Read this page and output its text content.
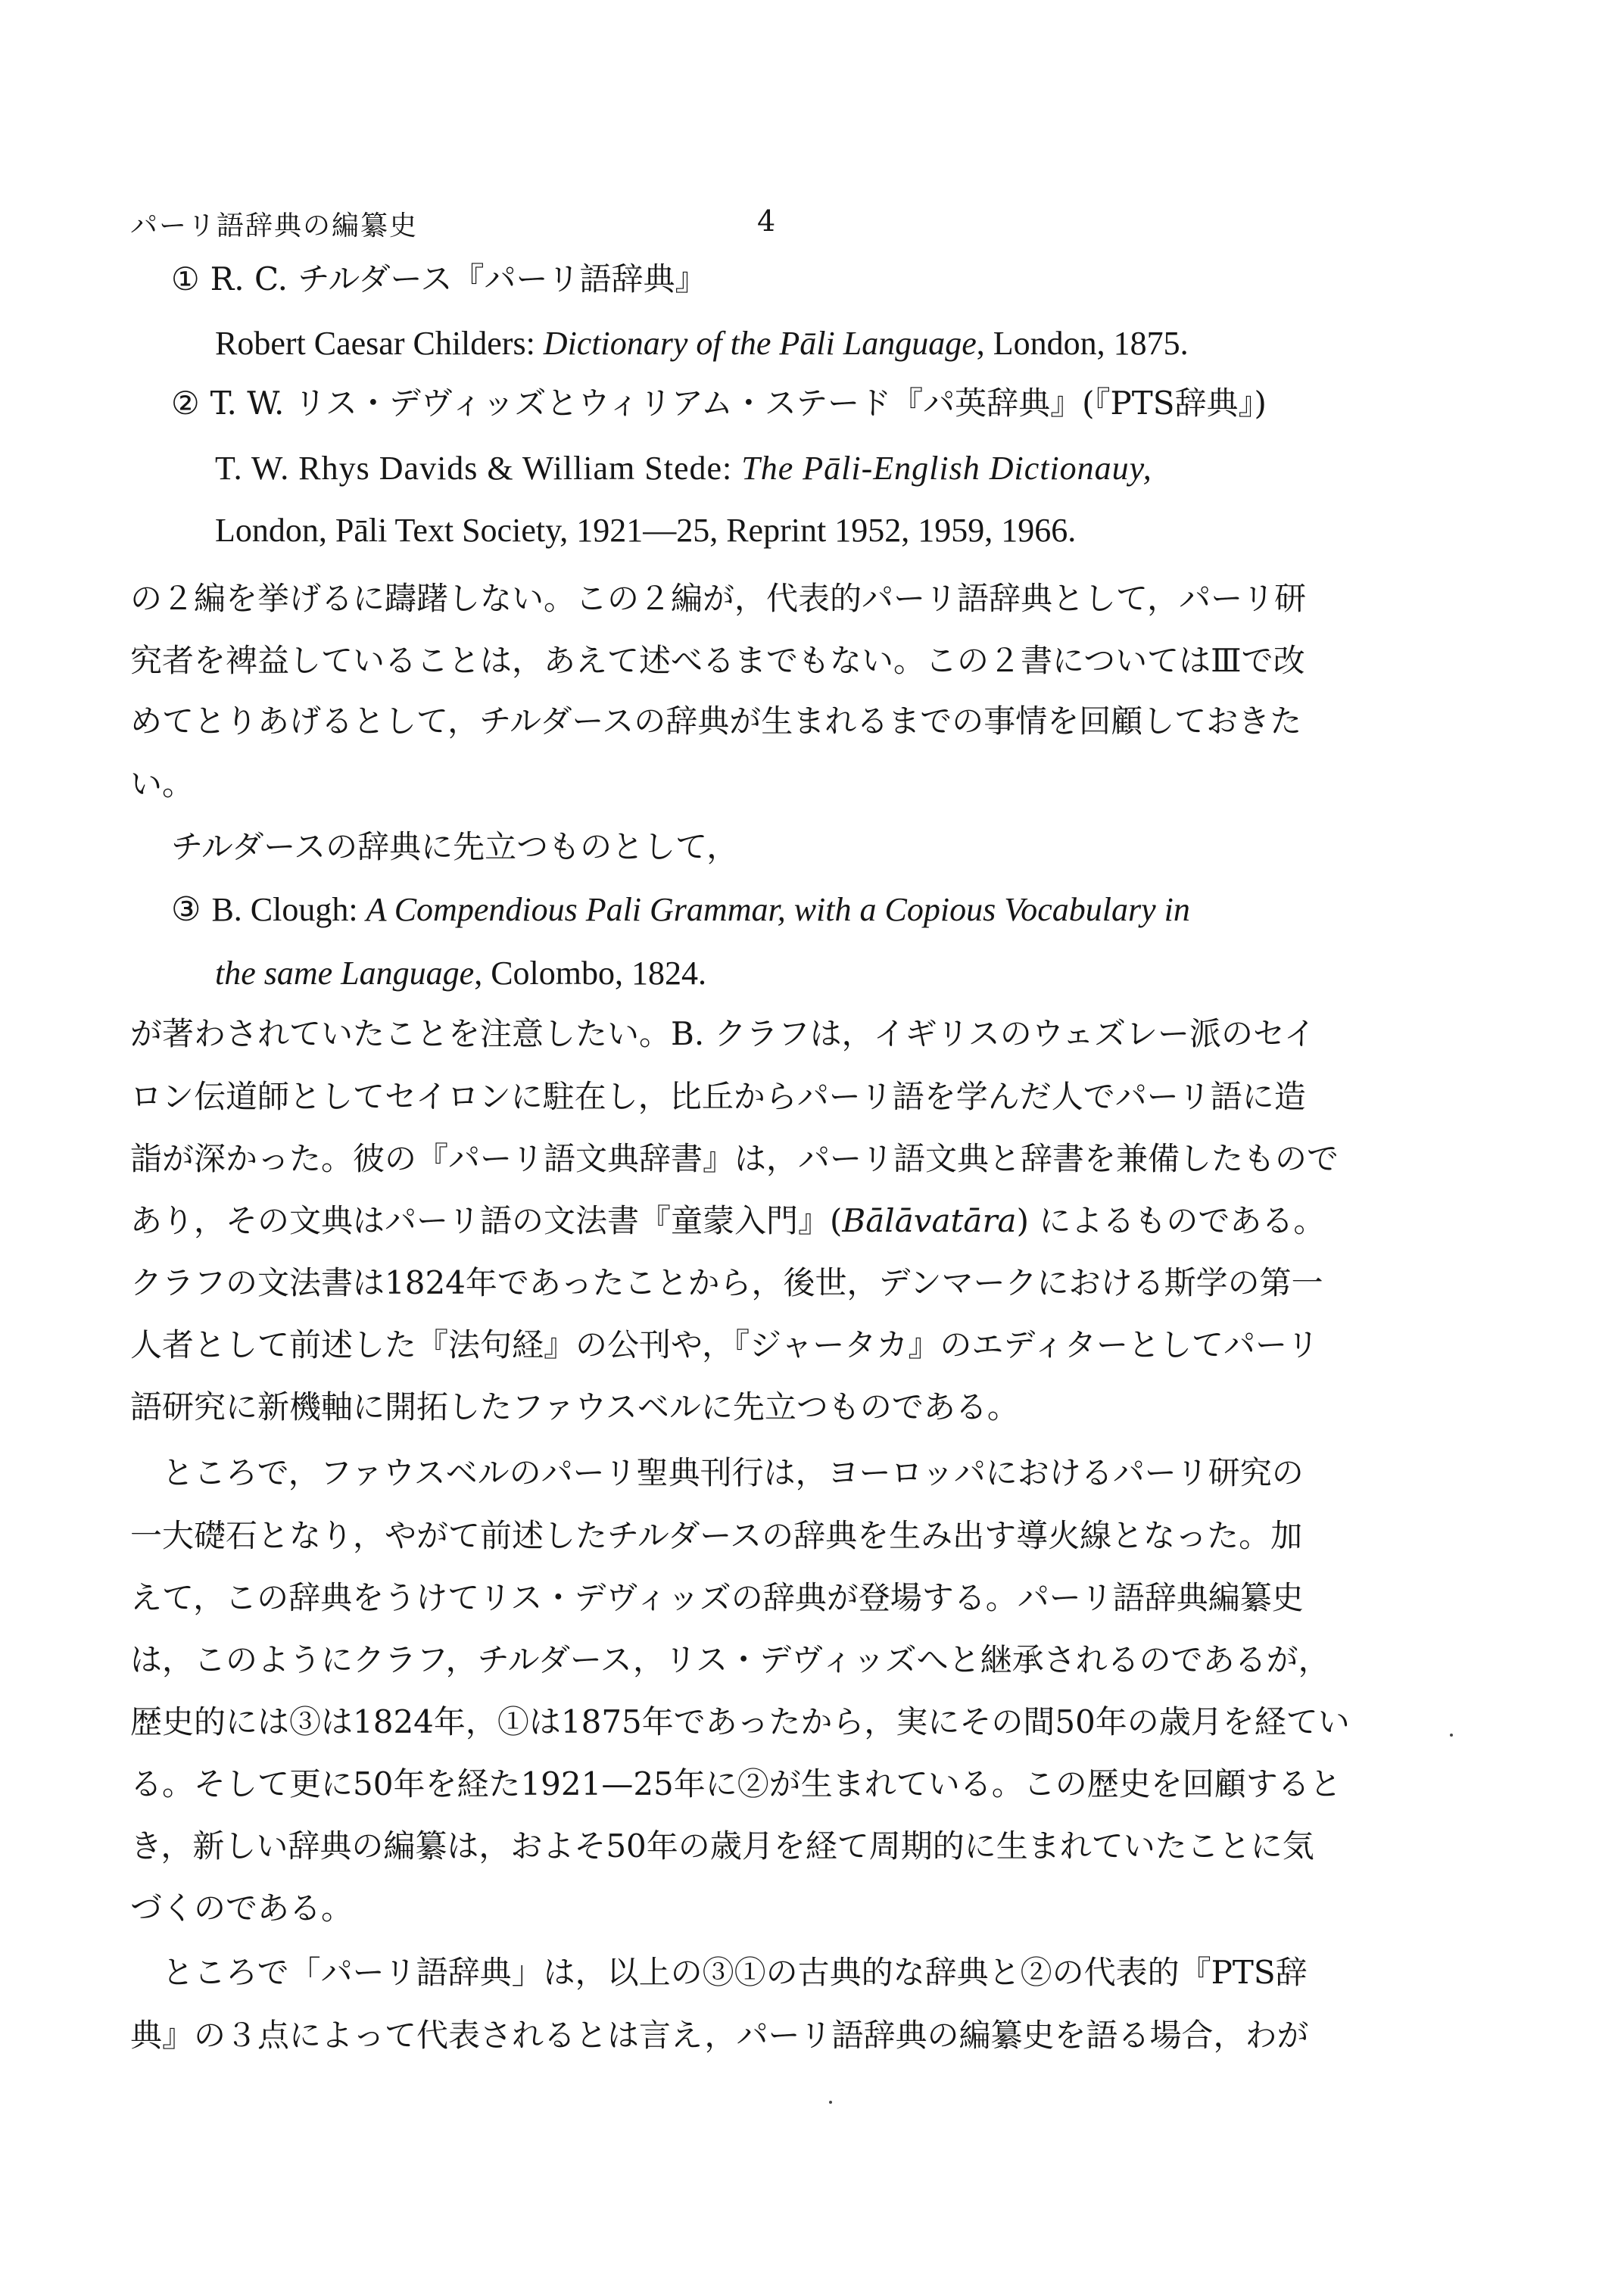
パーリ語辞典の編纂史	4
① R. C. チルダース『パーリ語辞典』
Robert Caesar Childers: Dictionary of the Pāli Language, London, 1875.
② T. W. リス・デヴィッズとウィリアム・ステード『パ英辞典』(『PTS辞典』)
T. W. Rhys Davids & William Stede: The Pāli-English Dictionauy,
London, Pāli Text Society, 1921—25, Reprint 1952, 1959, 1966.
の２編を挙げるに躊躇しない。この２編が，代表的パーリ語辞典として，パーリ研
究者を裨益していることは，あえて述べるまでもない。この２書についてはⅢで改
めてとりあげるとして，チルダースの辞典が生まれるまでの事情を回顧しておきた
い。
チルダースの辞典に先立つものとして，
③ B. Clough: A Compendious Pali Grammar, with a Copious Vocabulary in
the same Language, Colombo, 1824.
が著わされていたことを注意したい。B. クラフは，イギリスのウェズレー派のセイ
ロン伝道師としてセイロンに駐在し，比丘からパーリ語を学んだ人でパーリ語に造
詣が深かった。彼の『パーリ語文典辞書』は，パーリ語文典と辞書を兼備したもので
あり，その文典はパーリ語の文法書『童蒙入門』(Bālāvatāra) によるものである。
クラフの文法書は1824年であったことから，後世，デンマークにおける斯学の第一
人者として前述した『法句経』の公刊や，『ジャータカ』のエディターとしてパーリ
語研究に新機軸に開拓したファウスベルに先立つものである。
　ところで，ファウスベルのパーリ聖典刊行は，ヨーロッパにおけるパーリ研究の
一大礎石となり，やがて前述したチルダースの辞典を生み出す導火線となった。加
えて，この辞典をうけてリス・デヴィッズの辞典が登場する。パーリ語辞典編纂史
は，このようにクラフ，チルダース，リス・デヴィッズへと継承されるのであるが，
歴史的には③は1824年，①は1875年であったから，実にその間50年の歳月を経てい
る。そして更に50年を経た1921—25年に②が生まれている。この歴史を回顧すると
き，新しい辞典の編纂は，およそ50年の歳月を経て周期的に生まれていたことに気
づくのである。
　ところで「パーリ語辞典」は，以上の③①の古典的な辞典と②の代表的『PTS辞
典』の３点によって代表されるとは言え，パーリ語辞典の編纂史を語る場合，わが
